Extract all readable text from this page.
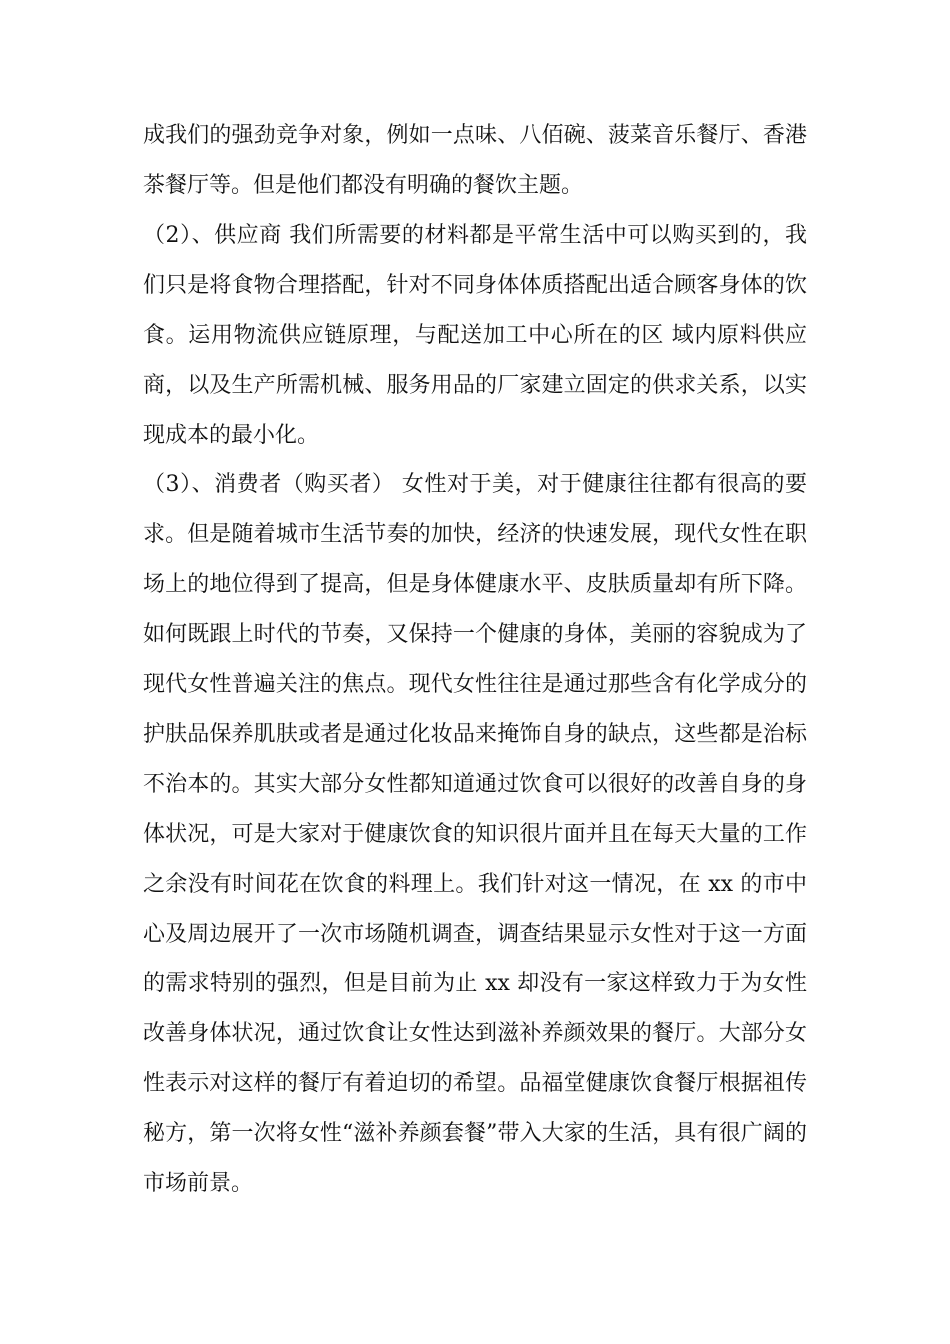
成我们的强劲竞争对象，例如一点味、八佰碗、菠菜音乐餐厅、香港
茶餐厅等。但是他们都没有明确的餐饮主题。
（2）、供应商 我们所需要的材料都是平常生活中可以购买到的，我
们只是将食物合理搭配，针对不同身体体质搭配出适合顾客身体的饮
食。运用物流供应链原理，与配送加工中心所在的区 域内原料供应
商，以及生产所需机械、服务用品的厂家建立固定的供求关系，以实
现成本的最小化。
（3）、消费者（购买者） 女性对于美，对于健康往往都有很高的要
求。但是随着城市生活节奏的加快，经济的快速发展，现代女性在职
场上的地位得到了提高，但是身体健康水平、皮肤质量却有所下降。
如何既跟上时代的节奏，又保持一个健康的身体，美丽的容貌成为了
现代女性普遍关注的焦点。现代女性往往是通过那些含有化学成分的
护肤品保养肌肤或者是通过化妆品来掩饰自身的缺点，这些都是治标
不治本的。其实大部分女性都知道通过饮食可以很好的改善自身的身
体状况，可是大家对于健康饮食的知识很片面并且在每天大量的工作
之余没有时间花在饮食的料理上。我们针对这一情况，在 xx 的市中
心及周边展开了一次市场随机调查，调查结果显示女性对于这一方面
的需求特别的强烈，但是目前为止 xx 却没有一家这样致力于为女性
改善身体状况，通过饮食让女性达到滋补养颜效果的餐厅。大部分女
性表示对这样的餐厅有着迫切的希望。品福堂健康饮食餐厅根据祖传
秘方，第一次将女性“滋补养颜套餐”带入大家的生活，具有很广阔的
市场前景。
